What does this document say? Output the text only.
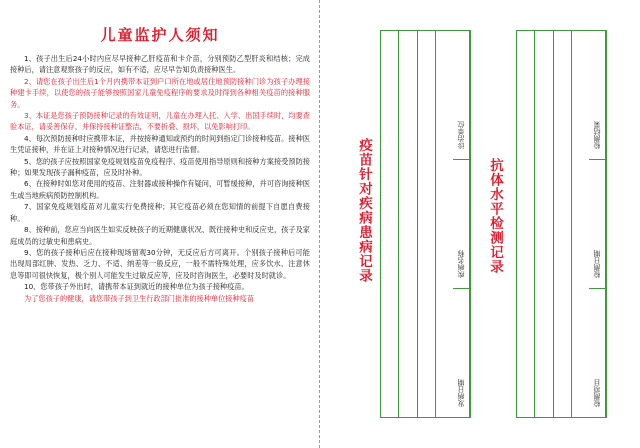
儿童监护人须知

1、孩子出生后24小时内应尽早接种乙肝疫苗和卡介苗，分别预防乙型肝炎和结核；完成接种后，请注意观察孩子的反应，如有不适，应尽早告知负责接种医生。

2、请您在孩子出生后1个月内携带本证到户口所在地或居住地预防接种门诊为孩子办理接种建卡手续，以使您的孩子能够按照国家儿童免疫程序的要求及时得到各种相关疫苗的接种服务。

3、本证是您孩子预防接种记录的有效证明，儿童在办理入托、入学、出国手续时，均要查验本证，请妥善保存，并保持接种证整洁，不要折叠、损坏，以免影响打印。

4、每次预防接种时应携带本证，并按接种通知或预约的时间到指定门诊接种疫苗。接种医生凭证接种，并在证上对接种情况进行记录，请您进行监督。

5、您的孩子应按照国家免疫规划疫苗免疫程序、疫苗使用指导原则和接种方案接受预防接种；如果发现孩子漏种疫苗，应及时补种。

6、在接种时如您对使用的疫苗、注射器或接种操作有疑问，可暂缓接种，并可咨询接种医生或当地疾病预防控制机构。

7、国家免疫规划疫苗对儿童实行免费接种；其它疫苗必须在您知情的前提下自愿自费接种。

8、接种前，您应当向医生如实反映孩子的近期健康状况、既往接种史和反应史，孩子及家庭成员的过敏史和患病史。

9、您的孩子接种后应在接种现场留观30分钟，无反应后方可离开。个别孩子接种后可能出现局部红肿、发热、乏力、不适、纳差等一般反应，一般不需特殊处理，应多饮水、注意休息等即可很快恢复，极个别人可能发生过敏反应等，应及时咨询医生，必要时及时就诊。

10、您带孩子外出时，请携带本证到就近的接种单位为孩子接种疫苗。

为了您孩子的健康，请您带孩子到卫生行政部门批准的接种单位接种疫苗

疫苗针对疾病患病记录
诊治单位
疾病名称
发病日期
抗体水平检测记录
检测结果
检测日期
检测项目
